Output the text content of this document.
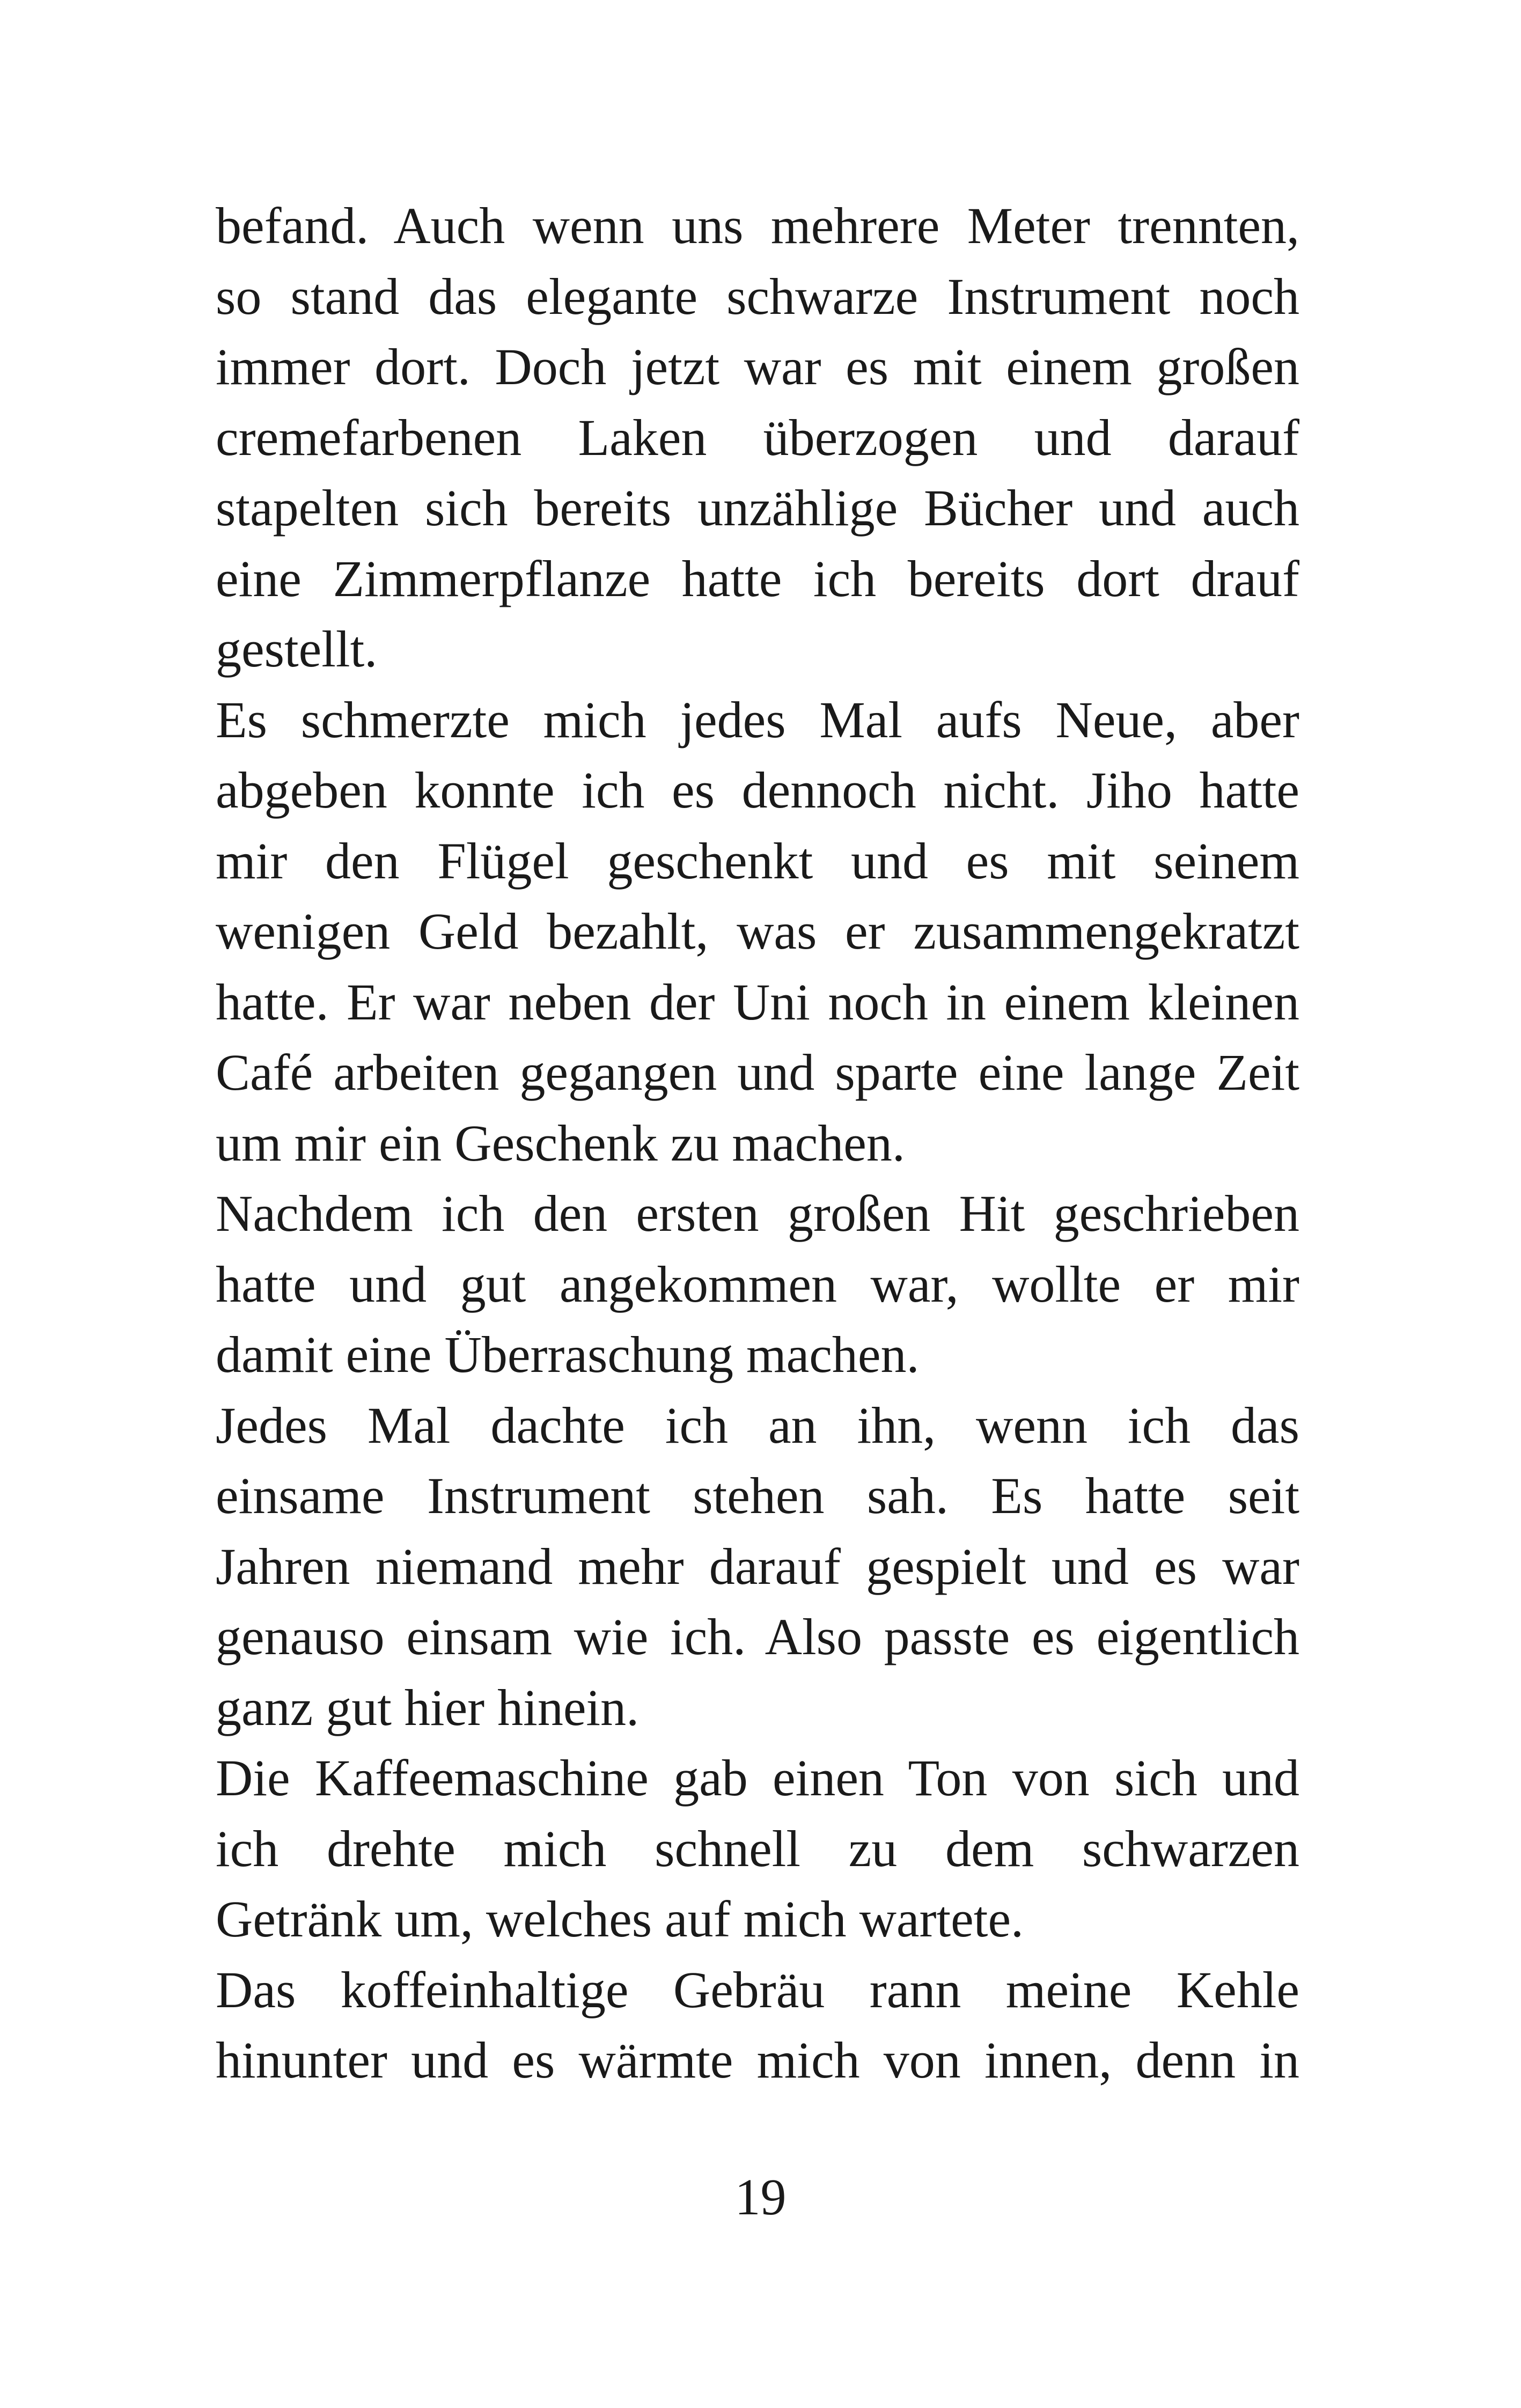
befand. Auch wenn uns mehrere Meter trennten,
so stand das elegante schwarze Instrument noch
immer dort. Doch jetzt war es mit einem großen
cremefarbenen Laken überzogen und darauf
stapelten sich bereits unzählige Bücher und auch
eine Zimmerpflanze hatte ich bereits dort drauf
gestellt.

Es schmerzte mich jedes Mal aufs Neue, aber
abgeben konnte ich es dennoch nicht. Jiho hatte
mir den Flügel geschenkt und es mit seinem
wenigen Geld bezahlt, was er zusammengekratzt
hatte. Er war neben der Uni noch in einem kleinen
Café arbeiten gegangen und sparte eine lange Zeit
um mir ein Geschenk zu machen.

Nachdem ich den ersten großen Hit geschrieben
hatte und gut angekommen war, wollte er mir
damit eine Überraschung machen.

Jedes Mal dachte ich an ihn, wenn ich das
einsame Instrument stehen sah. Es hatte seit
Jahren niemand mehr darauf gespielt und es war
genauso einsam wie ich. Also passte es eigentlich
ganz gut hier hinein.

Die Kaffeemaschine gab einen Ton von sich und
ich drehte mich schnell zu dem schwarzen
Getränk um, welches auf mich wartete.

Das koffeinhaltige Gebräu rann meine Kehle
hinunter und es wärmte mich von innen, denn in

19
